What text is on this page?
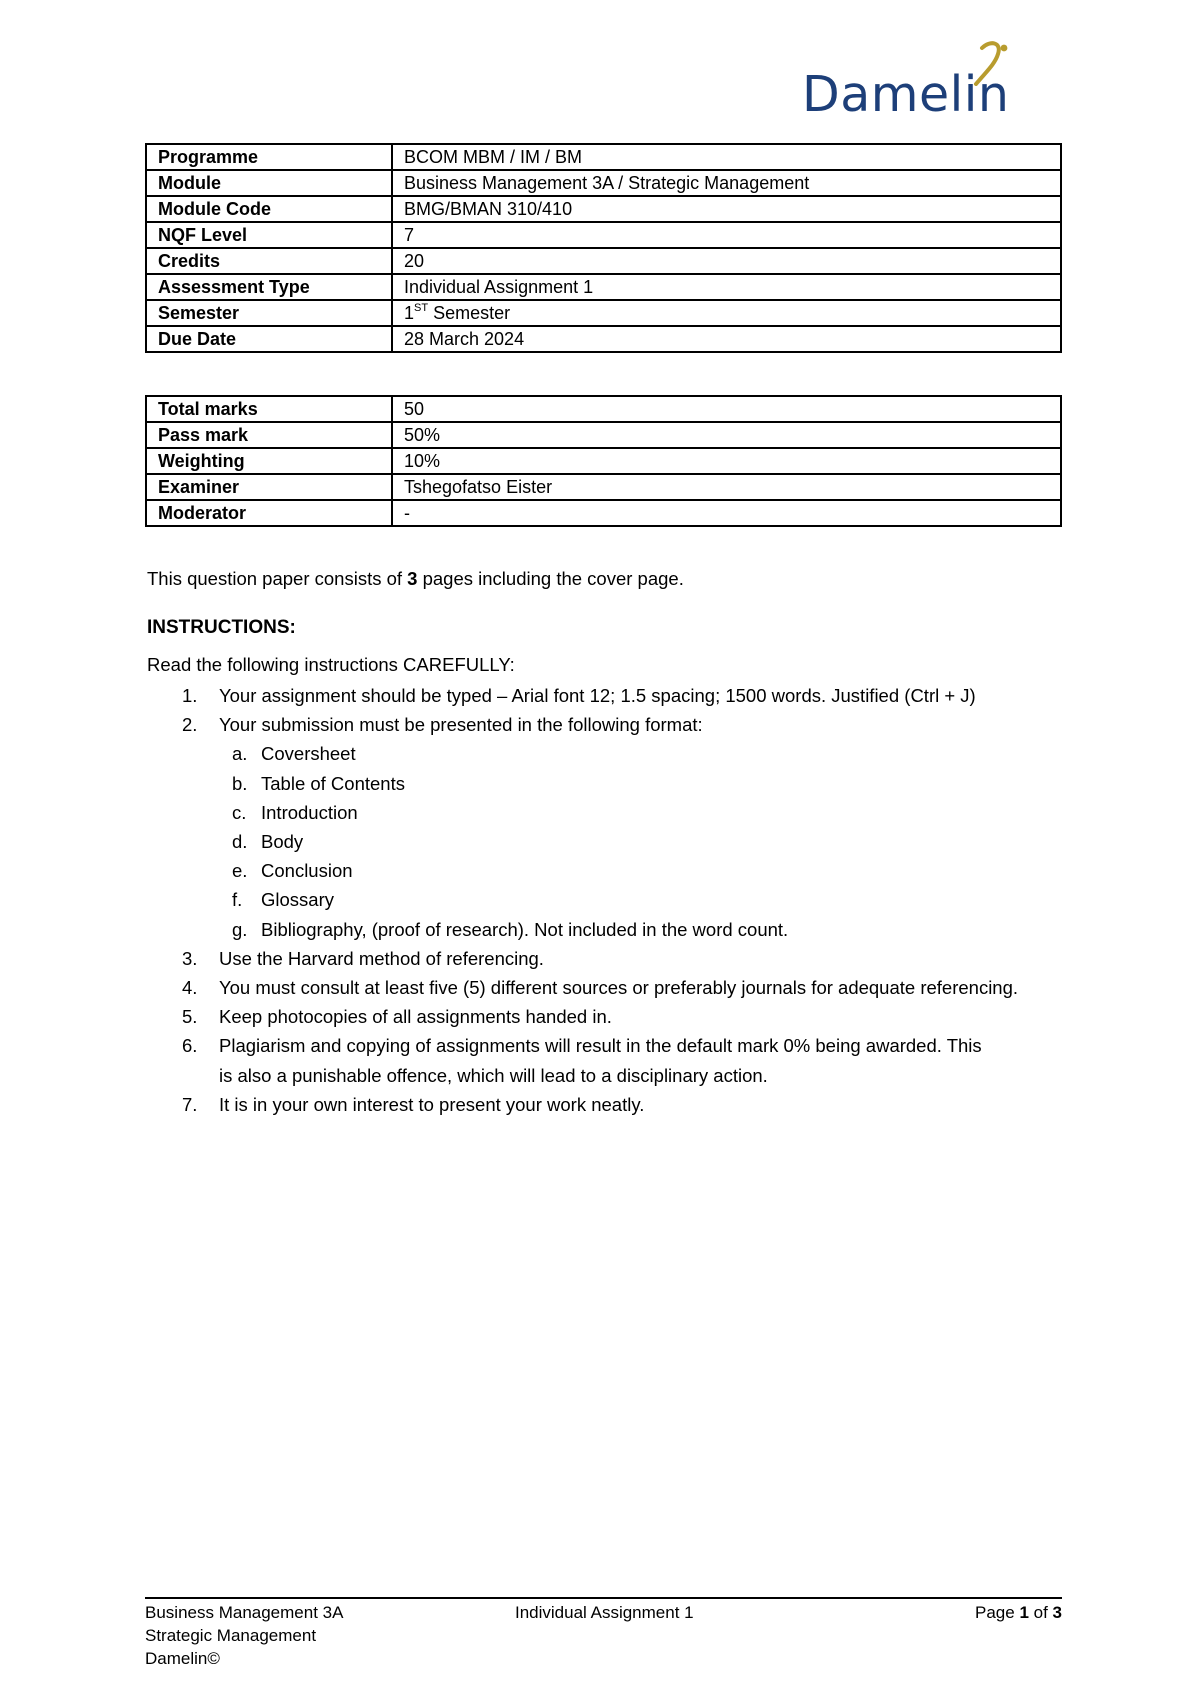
Damelin
Programme	BCOM MBM / IM / BM
Module	Business Management 3A / Strategic Management
Module Code	BMG/BMAN 310/410
NQF Level	7
Credits	20
Assessment Type	Individual Assignment 1
Semester	1ST Semester
Due Date	28 March 2024
Total marks	50
Pass mark	50%
Weighting	10%
Examiner	Tshegofatso Eister
Moderator	-
This question paper consists of 3 pages including the cover page.
INSTRUCTIONS:
Read the following instructions CAREFULLY:
1. Your assignment should be typed – Arial font 12; 1.5 spacing; 1500 words. Justified (Ctrl + J)
2. Your submission must be presented in the following format:
a. Coversheet
b. Table of Contents
c. Introduction
d. Body
e. Conclusion
f. Glossary
g. Bibliography, (proof of research). Not included in the word count.
3. Use the Harvard method of referencing.
4. You must consult at least five (5) different sources or preferably journals for adequate referencing.
5. Keep photocopies of all assignments handed in.
6. Plagiarism and copying of assignments will result in the default mark 0% being awarded. This is also a punishable offence, which will lead to a disciplinary action.
7. It is in your own interest to present your work neatly.
Business Management 3A
Strategic Management
Damelin©
Individual Assignment 1	Page 1 of 3
